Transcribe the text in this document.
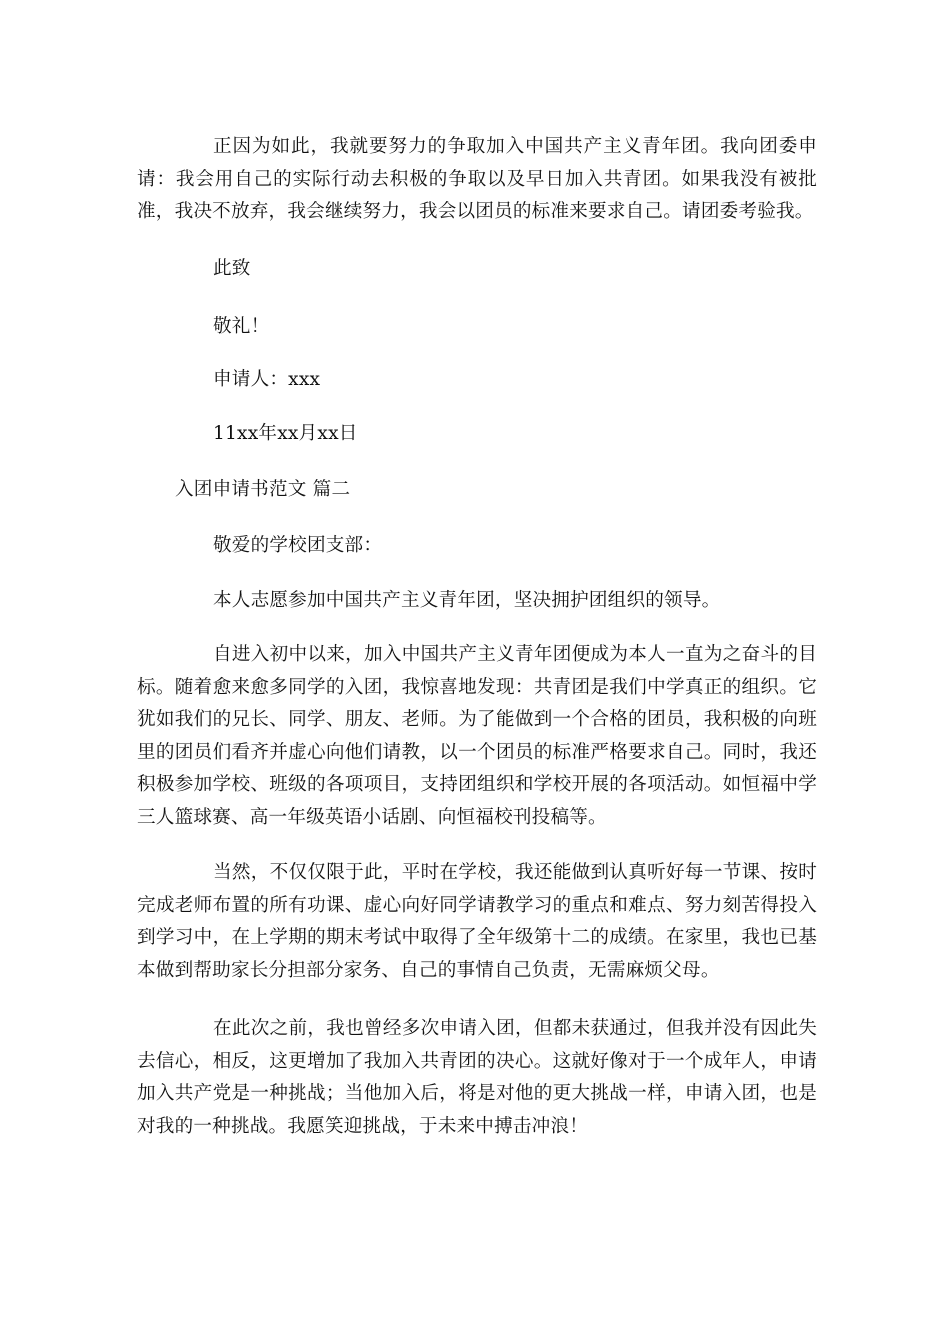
正因为如此，我就要努力的争取加入中国共产主义青年团。我向团委申请：我会用自己的实际行动去积极的争取以及早日加入共青团。如果我没有被批准，我决不放弃，我会继续努力，我会以团员的标准来要求自己。请团委考验我。

此致

敬礼！

申请人：xxx

11xx年xx月xx日

入团申请书范文 篇二

敬爱的学校团支部：

本人志愿参加中国共产主义青年团，坚决拥护团组织的领导。

自进入初中以来，加入中国共产主义青年团便成为本人一直为之奋斗的目标。随着愈来愈多同学的入团，我惊喜地发现：共青团是我们中学真正的组织。它犹如我们的兄长、同学、朋友、老师。为了能做到一个合格的团员，我积极的向班里的团员们看齐并虚心向他们请教，以一个团员的标准严格要求自己。同时，我还积极参加学校、班级的各项项目，支持团组织和学校开展的各项活动。如恒福中学三人篮球赛、高一年级英语小话剧、向恒福校刊投稿等。

当然，不仅仅限于此，平时在学校，我还能做到认真听好每一节课、按时完成老师布置的所有功课、虚心向好同学请教学习的重点和难点、努力刻苦得投入到学习中，在上学期的期末考试中取得了全年级第十二的成绩。在家里，我也已基本做到帮助家长分担部分家务、自己的事情自己负责，无需麻烦父母。

在此次之前，我也曾经多次申请入团，但都未获通过，但我并没有因此失去信心，相反，这更增加了我加入共青团的决心。这就好像对于一个成年人，申请加入共产党是一种挑战；当他加入后，将是对他的更大挑战一样，申请入团，也是对我的一种挑战。我愿笑迎挑战，于未来中搏击冲浪！
